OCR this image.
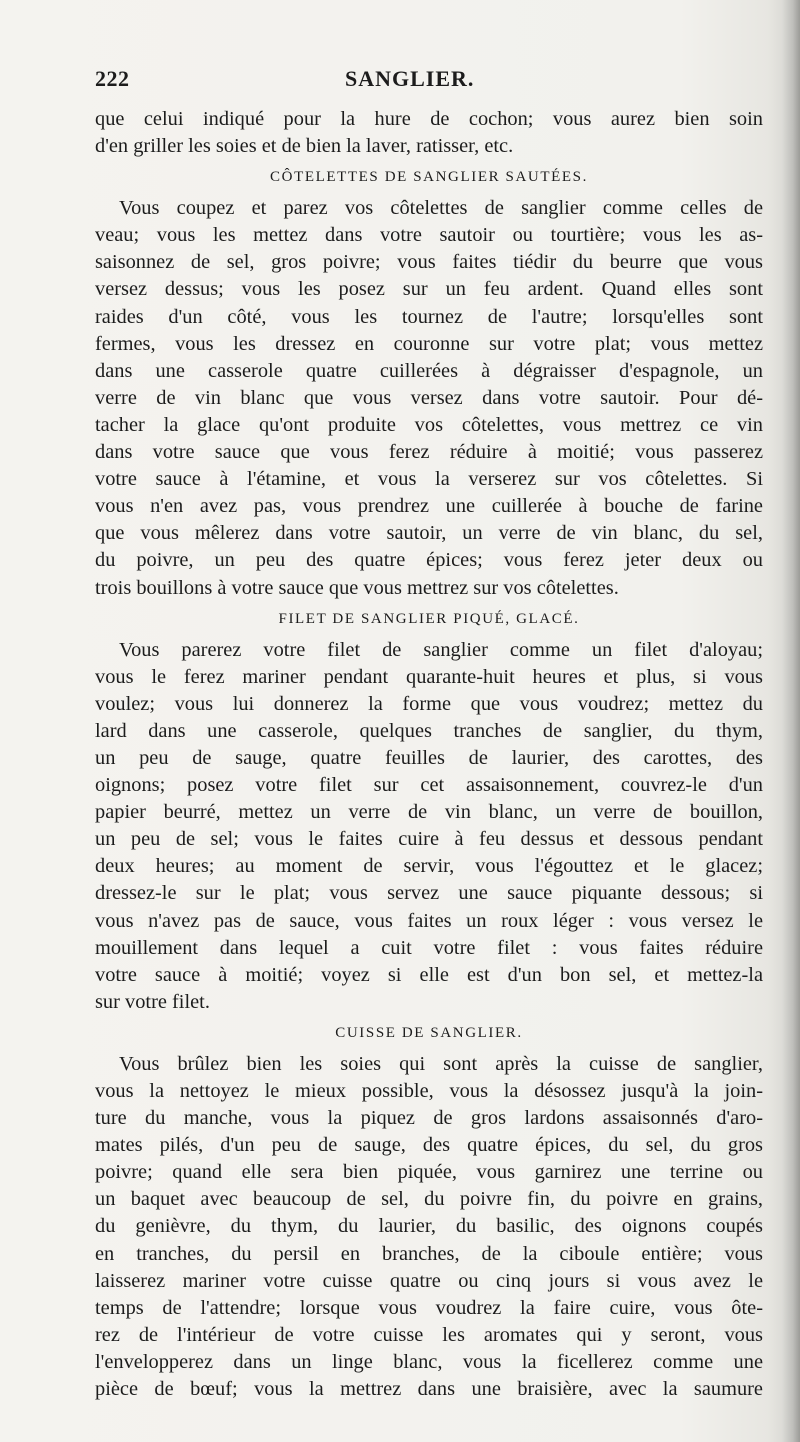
222	SANGLIER.
que celui indiqué pour la hure de cochon; vous aurez bien soin
d'en griller les soies et de bien la laver, ratisser, etc.
CÔTELETTES DE SANGLIER SAUTÉES.
Vous coupez et parez vos côtelettes de sanglier comme celles de
veau; vous les mettez dans votre sautoir ou tourtière; vous les as-
saisonnez de sel, gros poivre; vous faites tiédir du beurre que vous
versez dessus; vous les posez sur un feu ardent. Quand elles sont
raides d'un côté, vous les tournez de l'autre; lorsqu'elles sont
fermes, vous les dressez en couronne sur votre plat; vous mettez
dans une casserole quatre cuillerées à dégraisser d'espagnole, un
verre de vin blanc que vous versez dans votre sautoir. Pour dé-
tacher la glace qu'ont produite vos côtelettes, vous mettrez ce vin
dans votre sauce que vous ferez réduire à moitié; vous passerez
votre sauce à l'étamine, et vous la verserez sur vos côtelettes. Si
vous n'en avez pas, vous prendrez une cuillerée à bouche de farine
que vous mêlerez dans votre sautoir, un verre de vin blanc, du sel,
du poivre, un peu des quatre épices; vous ferez jeter deux ou
trois bouillons à votre sauce que vous mettrez sur vos côtelettes.
FILET DE SANGLIER PIQUÉ, GLACÉ.
Vous parerez votre filet de sanglier comme un filet d'aloyau;
vous le ferez mariner pendant quarante-huit heures et plus, si vous
voulez; vous lui donnerez la forme que vous voudrez; mettez du
lard dans une casserole, quelques tranches de sanglier, du thym,
un peu de sauge, quatre feuilles de laurier, des carottes, des
oignons; posez votre filet sur cet assaisonnement, couvrez-le d'un
papier beurré, mettez un verre de vin blanc, un verre de bouillon,
un peu de sel; vous le faites cuire à feu dessus et dessous pendant
deux heures; au moment de servir, vous l'égouttez et le glacez;
dressez-le sur le plat; vous servez une sauce piquante dessous; si
vous n'avez pas de sauce, vous faites un roux léger : vous versez le
mouillement dans lequel a cuit votre filet : vous faites réduire
votre sauce à moitié; voyez si elle est d'un bon sel, et mettez-la
sur votre filet.
CUISSE DE SANGLIER.
Vous brûlez bien les soies qui sont après la cuisse de sanglier,
vous la nettoyez le mieux possible, vous la désossez jusqu'à la join-
ture du manche, vous la piquez de gros lardons assaisonnés d'aro-
mates pilés, d'un peu de sauge, des quatre épices, du sel, du gros
poivre; quand elle sera bien piquée, vous garnirez une terrine ou
un baquet avec beaucoup de sel, du poivre fin, du poivre en grains,
du genièvre, du thym, du laurier, du basilic, des oignons coupés
en tranches, du persil en branches, de la ciboule entière; vous
laisserez mariner votre cuisse quatre ou cinq jours si vous avez le
temps de l'attendre; lorsque vous voudrez la faire cuire, vous ôte-
rez de l'intérieur de votre cuisse les aromates qui y seront, vous
l'envelopperez dans un linge blanc, vous la ficellerez comme une
pièce de bœuf; vous la mettrez dans une braisière, avec la saumure
